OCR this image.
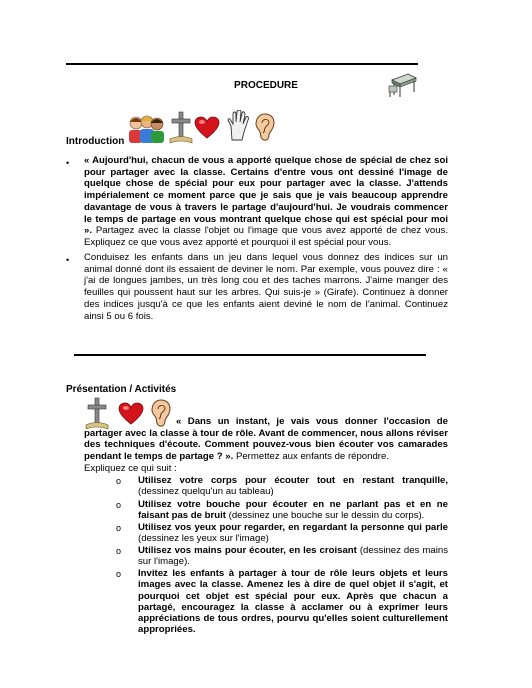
PROCEDURE
Introduction
• « Aujourd'hui, chacun de vous a apporté quelque chose de spécial de chez soi pour partager avec la classe. Certains d'entre vous ont dessiné l'image de quelque chose de spécial pour eux pour partager avec la classe. J'attends impérialement ce moment parce que je sais que je vais beaucoup apprendre davantage de vous à travers le partage d'aujourd'hui. Je voudrais commencer le temps de partage en vous montrant quelque chose qui est spécial pour moi ». Partagez avec la classe l'objet ou l'image que vous avez apporté de chez vous. Expliquez ce que vous avez apporté et pourquoi il est spécial pour vous.
• Conduisez les enfants dans un jeu dans lequel vous donnez des indices sur un animal donné dont ils essaient de deviner le nom. Par exemple, vous pouvez dire : « j'ai de longues jambes, un très long cou et des taches marrons. J'aime manger des feuilles qui poussent haut sur les arbres. Qui suis-je » (Girafe). Continuez à donner des indices jusqu'à ce que les enfants aient deviné le nom de l'animal. Continuez ainsi 5 ou 6 fois.
Présentation / Activités
« Dans un instant, je vais vous donner l'occasion de partager avec la classe à tour de rôle. Avant de commencer, nous allons réviser des techniques d'écoute. Comment pouvez-vous bien écouter vos camarades pendant le temps de partage ? ». Permettez aux enfants de répondre.
Expliquez ce qui suit :
o Utilisez votre corps pour écouter tout en restant tranquille, (dessinez quelqu'un au tableau)
o Utilisez votre bouche pour écouter en ne parlant pas et en ne faisant pas de bruit (dessinez une bouche sur le dessin du corps).
o Utilisez vos yeux pour regarder, en regardant la personne qui parle (dessinez les yeux sur l'image)
o Utilisez vos mains pour écouter, en les croisant (dessinez des mains sur l'image).
o Invitez les enfants à partager à tour de rôle leurs objets et leurs images avec la classe. Amenez les à dire de quel objet il s'agit, et pourquoi cet objet est spécial pour eux. Après que chacun a partagé, encouragez la classe à acclamer ou à exprimer leurs appréciations de tous ordres, pourvu qu'elles soient culturellement appropriées.
